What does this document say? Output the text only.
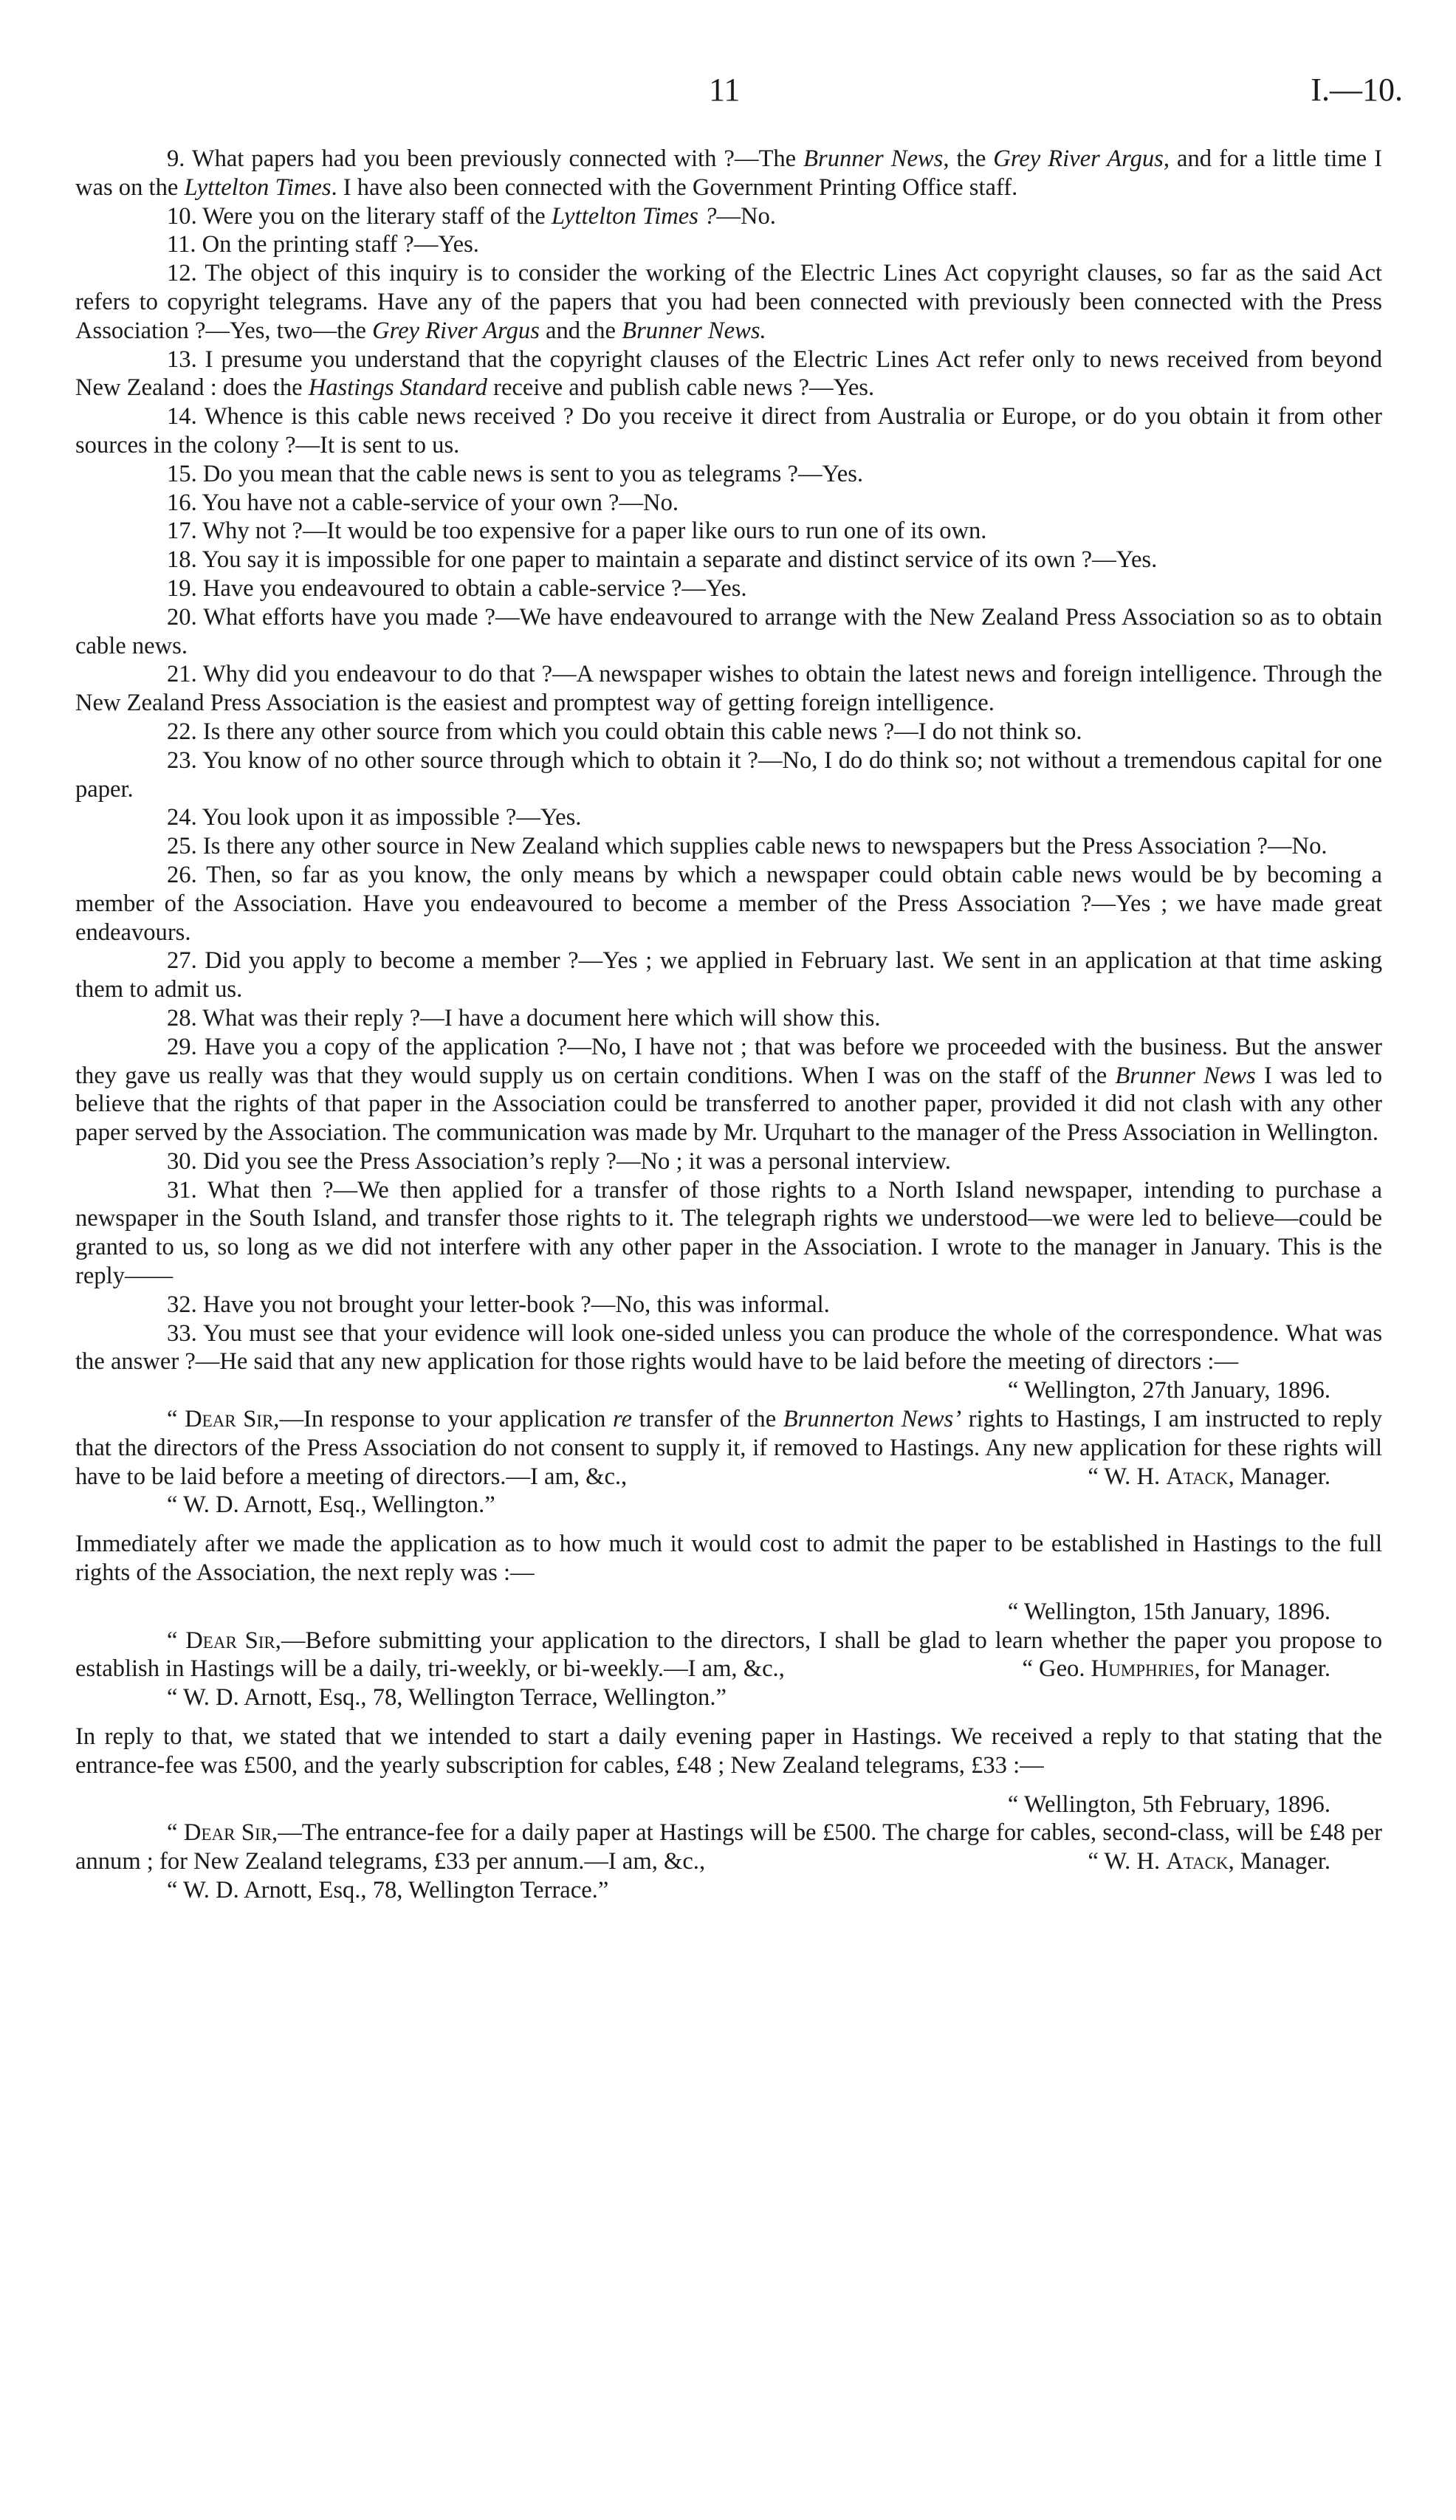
11	I.—10.

9. What papers had you been previously connected with ?—The Brunner News, the Grey River Argus, and for a little time I was on the Lyttelton Times. I have also been connected with the Government Printing Office staff.

10. Were you on the literary staff of the Lyttelton Times ?—No.

11. On the printing staff ?—Yes.

12. The object of this inquiry is to consider the working of the Electric Lines Act copyright clauses, so far as the said Act refers to copyright telegrams. Have any of the papers that you had been connected with previously been connected with the Press Association ?—Yes, two—the Grey River Argus and the Brunner News.

13. I presume you understand that the copyright clauses of the Electric Lines Act refer only to news received from beyond New Zealand : does the Hastings Standard receive and publish cable news ?—Yes.

14. Whence is this cable news received ? Do you receive it direct from Australia or Europe, or do you obtain it from other sources in the colony ?—It is sent to us.

15. Do you mean that the cable news is sent to you as telegrams ?—Yes.

16. You have not a cable-service of your own ?—No.

17. Why not ?—It would be too expensive for a paper like ours to run one of its own.

18. You say it is impossible for one paper to maintain a separate and distinct service of its own ?—Yes.

19. Have you endeavoured to obtain a cable-service ?—Yes.

20. What efforts have you made ?—We have endeavoured to arrange with the New Zealand Press Association so as to obtain cable news.

21. Why did you endeavour to do that ?—A newspaper wishes to obtain the latest news and foreign intelligence. Through the New Zealand Press Association is the easiest and promptest way of getting foreign intelligence.

22. Is there any other source from which you could obtain this cable news ?—I do not think so.

23. You know of no other source through which to obtain it ?—No, I do do think so; not without a tremendous capital for one paper.

24. You look upon it as impossible ?—Yes.

25. Is there any other source in New Zealand which supplies cable news to newspapers but the Press Association ?—No.

26. Then, so far as you know, the only means by which a newspaper could obtain cable news would be by becoming a member of the Association. Have you endeavoured to become a member of the Press Association ?—Yes ; we have made great endeavours.

27. Did you apply to become a member ?—Yes ; we applied in February last. We sent in an application at that time asking them to admit us.

28. What was their reply ?—I have a document here which will show this.

29. Have you a copy of the application ?—No, I have not ; that was before we proceeded with the business. But the answer they gave us really was that they would supply us on certain conditions. When I was on the staff of the Brunner News I was led to believe that the rights of that paper in the Association could be transferred to another paper, provided it did not clash with any other paper served by the Association. The communication was made by Mr. Urquhart to the manager of the Press Association in Wellington.

30. Did you see the Press Association’s reply ?—No ; it was a personal interview.

31. What then ?—We then applied for a transfer of those rights to a North Island newspaper, intending to purchase a newspaper in the South Island, and transfer those rights to it. The telegraph rights we understood—we were led to believe—could be granted to us, so long as we did not interfere with any other paper in the Association. I wrote to the manager in January. This is the reply——

32. Have you not brought your letter-book ?—No, this was informal.

33. You must see that your evidence will look one-sided unless you can produce the whole of the correspondence. What was the answer ?—He said that any new application for those rights would have to be laid before the meeting of directors :—

“ Wellington, 27th January, 1896.

“ Dear Sir,—In response to your application re transfer of the Brunnerton News’ rights to Hastings, I am instructed to reply that the directors of the Press Association do not consent to supply it, if removed to Hastings. Any new application for these rights will have to be laid before a meeting of directors.—I am, &c.,	“ W. H. Atack, Manager.

“ W. D. Arnott, Esq., Wellington.”

Immediately after we made the application as to how much it would cost to admit the paper to be established in Hastings to the full rights of the Association, the next reply was :—

“ Wellington, 15th January, 1896.

“ Dear Sir,—Before submitting your application to the directors, I shall be glad to learn whether the paper you propose to establish in Hastings will be a daily, tri-weekly, or bi-weekly.—I am, &c.,	“ Geo. Humphries, for Manager.

“ W. D. Arnott, Esq., 78, Wellington Terrace, Wellington.”

In reply to that, we stated that we intended to start a daily evening paper in Hastings. We received a reply to that stating that the entrance-fee was £500, and the yearly subscription for cables, £48 ; New Zealand telegrams, £33 :—

“ Wellington, 5th February, 1896.

“ Dear Sir,—The entrance-fee for a daily paper at Hastings will be £500. The charge for cables, second-class, will be £48 per annum ; for New Zealand telegrams, £33 per annum.—I am, &c.,	“ W. H. Atack, Manager.

“ W. D. Arnott, Esq., 78, Wellington Terrace.”
